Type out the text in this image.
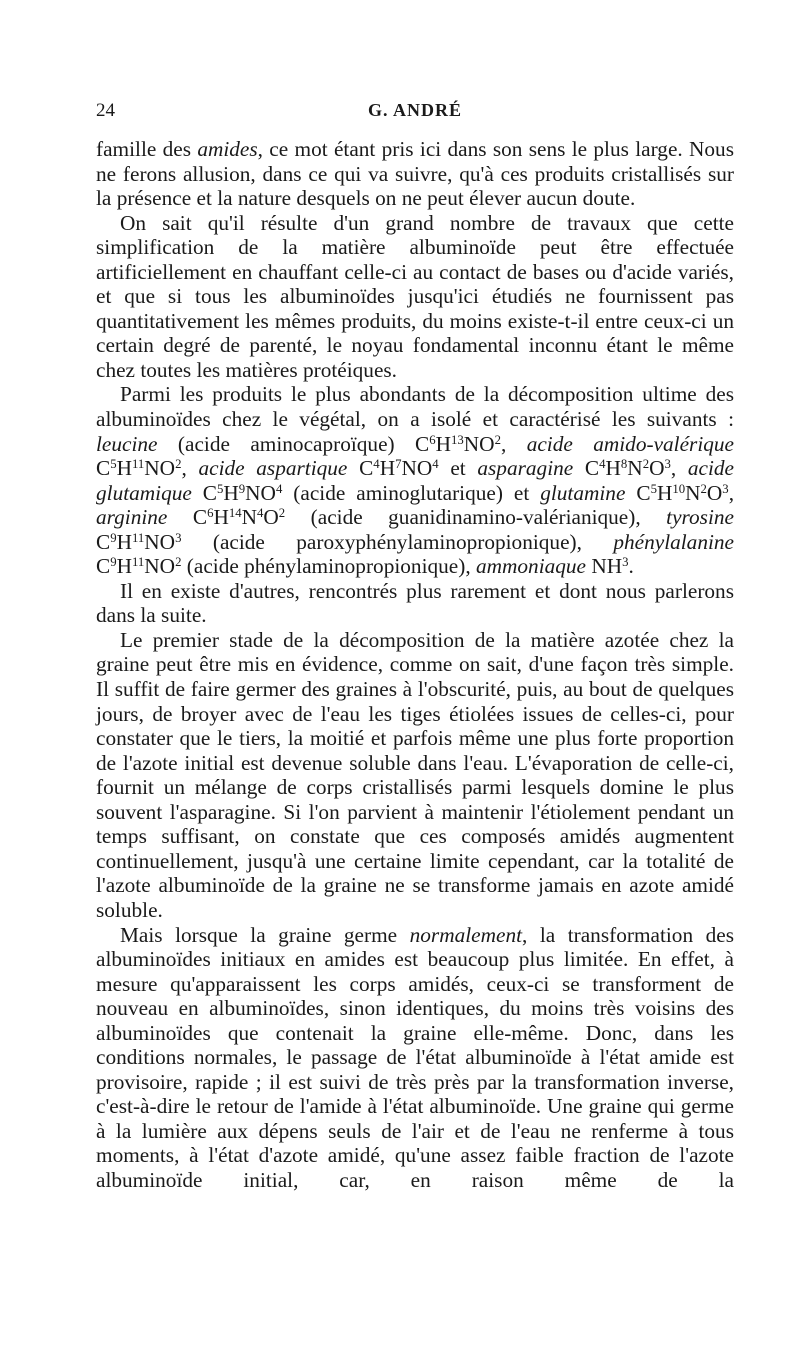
24	G. ANDRÉ

famille des amides, ce mot étant pris ici dans son sens le plus large. Nous ne ferons allusion, dans ce qui va suivre, qu'à ces produits cristallisés sur la présence et la nature desquels on ne peut élever aucun doute.

On sait qu'il résulte d'un grand nombre de travaux que cette simplification de la matière albuminoïde peut être effectuée artificiellement en chauffant celle-ci au contact de bases ou d'acide variés, et que si tous les albuminoïdes jusqu'ici étudiés ne fournissent pas quantitativement les mêmes produits, du moins existe-t-il entre ceux-ci un certain degré de parenté, le noyau fondamental inconnu étant le même chez toutes les matières protéiques.

Parmi les produits le plus abondants de la décomposition ultime des albuminoïdes chez le végétal, on a isolé et caractérisé les suivants : leucine (acide aminocaproïque) $C^6H^{13}NO^2$, acide amido-valérique $C^5H^{11}NO^2$, acide aspartique $C^4H^7NO^4$ et asparagine $C^4H^8N^2O^3$, acide glutamique $C^5H^9NO^4$ (acide aminoglutarique) et glutamine $C^5H^{10}N^2O^3$, arginine $C^6H^{14}N^4O^2$ (acide guanidinamino-valérianique), tyrosine $C^9H^{11}NO^3$ (acide paroxyphénylaminopropionique), phénylalanine $C^9H^{11}NO^2$ (acide phénylaminopropionique), ammoniaque $NH^3$.

Il en existe d'autres, rencontrés plus rarement et dont nous parlerons dans la suite.

Le premier stade de la décomposition de la matière azotée chez la graine peut être mis en évidence, comme on sait, d'une façon très simple. Il suffit de faire germer des graines à l'obscurité, puis, au bout de quelques jours, de broyer avec de l'eau les tiges étiolées issues de celles-ci, pour constater que le tiers, la moitié et parfois même une plus forte proportion de l'azote initial est devenue soluble dans l'eau. L'évaporation de celle-ci, fournit un mélange de corps cristallisés parmi lesquels domine le plus souvent l'asparagine. Si l'on parvient à maintenir l'étiolement pendant un temps suffisant, on constate que ces composés amidés augmentent continuellement, jusqu'à une certaine limite cependant, car la totalité de l'azote albuminoïde de la graine ne se transforme jamais en azote amidé soluble.

Mais lorsque la graine germe normalement, la transformation des albuminoïdes initiaux en amides est beaucoup plus limitée. En effet, à mesure qu'apparaissent les corps amidés, ceux-ci se transforment de nouveau en albuminoïdes, sinon identiques, du moins très voisins des albuminoïdes que contenait la graine elle-même. Donc, dans les conditions normales, le passage de l'état albuminoïde à l'état amide est provisoire, rapide ; il est suivi de très près par la transformation inverse, c'est-à-dire le retour de l'amide à l'état albuminoïde. Une graine qui germe à la lumière aux dépens seuls de l'air et de l'eau ne renferme à tous moments, à l'état d'azote amidé, qu'une assez faible fraction de l'azote albuminoïde initial, car, en raison même de la
